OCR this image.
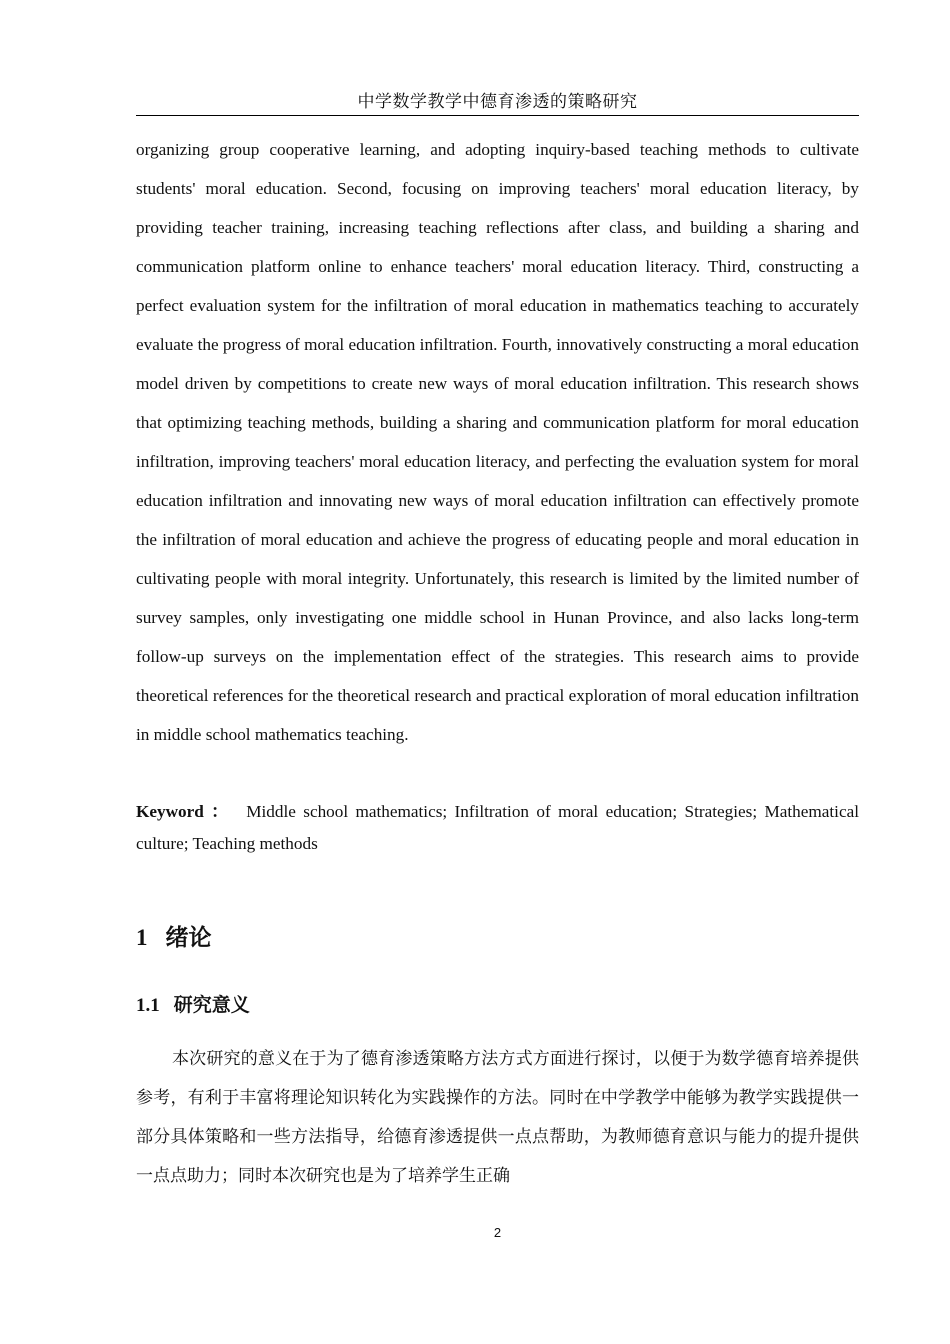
中学数学教学中德育渗透的策略研究

organizing group cooperative learning, and adopting inquiry-based teaching methods to cultivate students' moral education. Second, focusing on improving teachers' moral education literacy, by providing teacher training, increasing teaching reflections after class, and building a sharing and communication platform online to enhance teachers' moral education literacy. Third, constructing a perfect evaluation system for the infiltration of moral education in mathematics teaching to accurately evaluate the progress of moral education infiltration. Fourth, innovatively constructing a moral education model driven by competitions to create new ways of moral education infiltration. This research shows that optimizing teaching methods, building a sharing and communication platform for moral education infiltration, improving teachers' moral education literacy, and perfecting the evaluation system for moral education infiltration and innovating new ways of moral education infiltration can effectively promote the infiltration of moral education and achieve the progress of educating people and moral education in cultivating people with moral integrity. Unfortunately, this research is limited by the limited number of survey samples, only investigating one middle school in Hunan Province, and also lacks long-term follow-up surveys on the implementation effect of the strategies. This research aims to provide theoretical references for the theoretical research and practical exploration of moral education infiltration in middle school mathematics teaching.

Keyword ： Middle school mathematics; Infiltration of moral education; Strategies; Mathematical culture; Teaching methods

1 绪论
1.1 研究意义

本次研究的意义在于为了德育渗透策略方法方式方面进行探讨，以便于为数学德育培养提供参考，有利于丰富将理论知识转化为实践操作的方法。同时在中学教学中能够为教学实践提供一部分具体策略和一些方法指导，给德育渗透提供一点点帮助，为教师德育意识与能力的提升提供一点点助力；同时本次研究也是为了培养学生正确

2
